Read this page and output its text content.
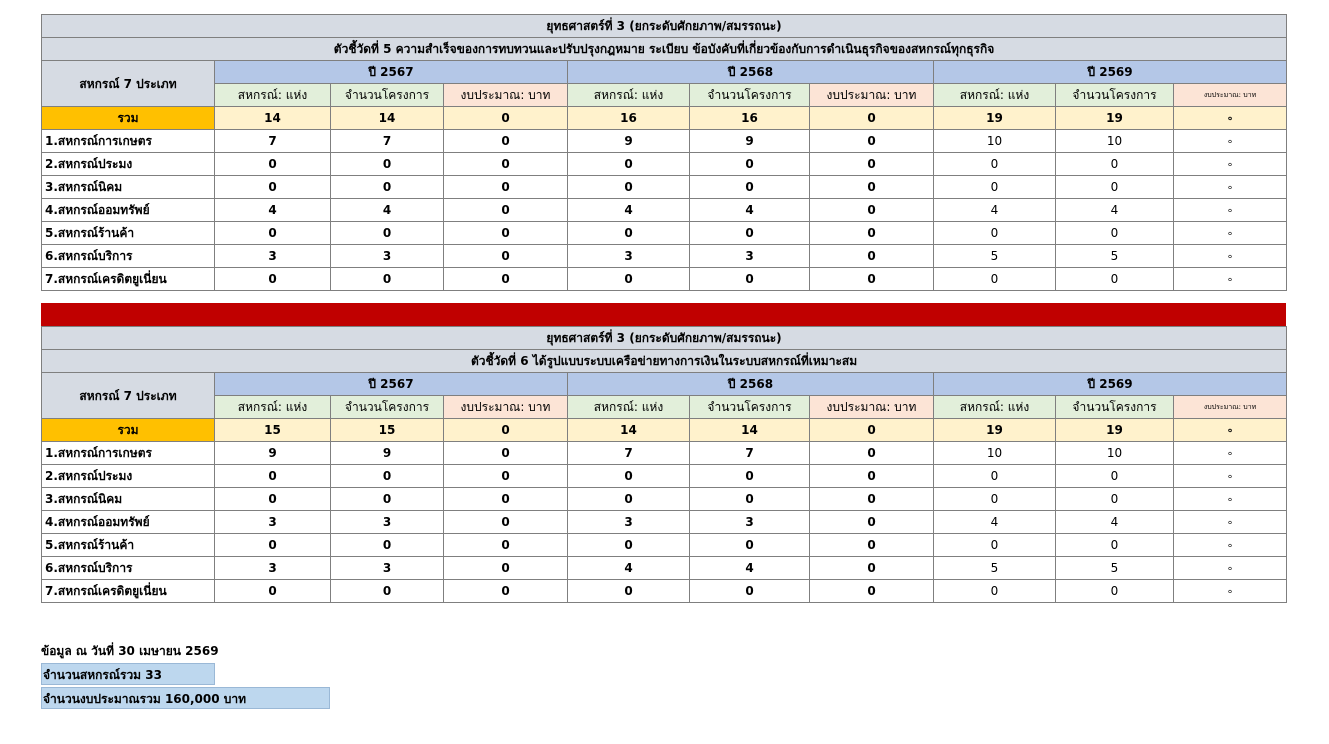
ยุทธศาสตร์ที่ 3 (ยกระดับศักยภาพ/สมรรถนะ)									
ตัวชี้วัดที่ 5 ความสำเร็จของการทบทวนและปรับปรุงกฎหมาย ระเบียบ ข้อบังคับที่เกี่ยวข้องกับการดำเนินธุรกิจของสหกรณ์ทุกธุรกิจ									
สหกรณ์ 7 ประเภท	ปี 2567			ปี 2568			ปี 2569		
	สหกรณ์: แห่ง	จำนวนโครงการ	งบประมาณ: บาท	สหกรณ์: แห่ง	จำนวนโครงการ	งบประมาณ: บาท	สหกรณ์: แห่ง	จำนวนโครงการ	งบประมาณ: บาท
รวม	14	14	0	16	16	0	19	19	๐
1.สหกรณ์การเกษตร	7	7	0	9	9	0	10	10	๐
2.สหกรณ์ประมง	0	0	0	0	0	0	0	0	๐
3.สหกรณ์นิคม	0	0	0	0	0	0	0	0	๐
4.สหกรณ์ออมทรัพย์	4	4	0	4	4	0	4	4	๐
5.สหกรณ์ร้านค้า	0	0	0	0	0	0	0	0	๐
6.สหกรณ์บริการ	3	3	0	3	3	0	5	5	๐
7.สหกรณ์เครดิตยูเนี่ยน	0	0	0	0	0	0	0	0	๐
ยุทธศาสตร์ที่ 3 (ยกระดับศักยภาพ/สมรรถนะ)									
ตัวชี้วัดที่ 6 ได้รูปแบบระบบเครือข่ายทางการเงินในระบบสหกรณ์ที่เหมาะสม									
สหกรณ์ 7 ประเภท	ปี 2567			ปี 2568			ปี 2569		
	สหกรณ์: แห่ง	จำนวนโครงการ	งบประมาณ: บาท	สหกรณ์: แห่ง	จำนวนโครงการ	งบประมาณ: บาท	สหกรณ์: แห่ง	จำนวนโครงการ	งบประมาณ: บาท
รวม	15	15	0	14	14	0	19	19	๐
1.สหกรณ์การเกษตร	9	9	0	7	7	0	10	10	๐
2.สหกรณ์ประมง	0	0	0	0	0	0	0	0	๐
3.สหกรณ์นิคม	0	0	0	0	0	0	0	0	๐
4.สหกรณ์ออมทรัพย์	3	3	0	3	3	0	4	4	๐
5.สหกรณ์ร้านค้า	0	0	0	0	0	0	0	0	๐
6.สหกรณ์บริการ	3	3	0	4	4	0	5	5	๐
7.สหกรณ์เครดิตยูเนี่ยน	0	0	0	0	0	0	0	0	๐
ข้อมูล ณ วันที่ 30 เมษายน 2569
จำนวนสหกรณ์รวม 33
จำนวนงบประมาณรวม 160,000 บาท
